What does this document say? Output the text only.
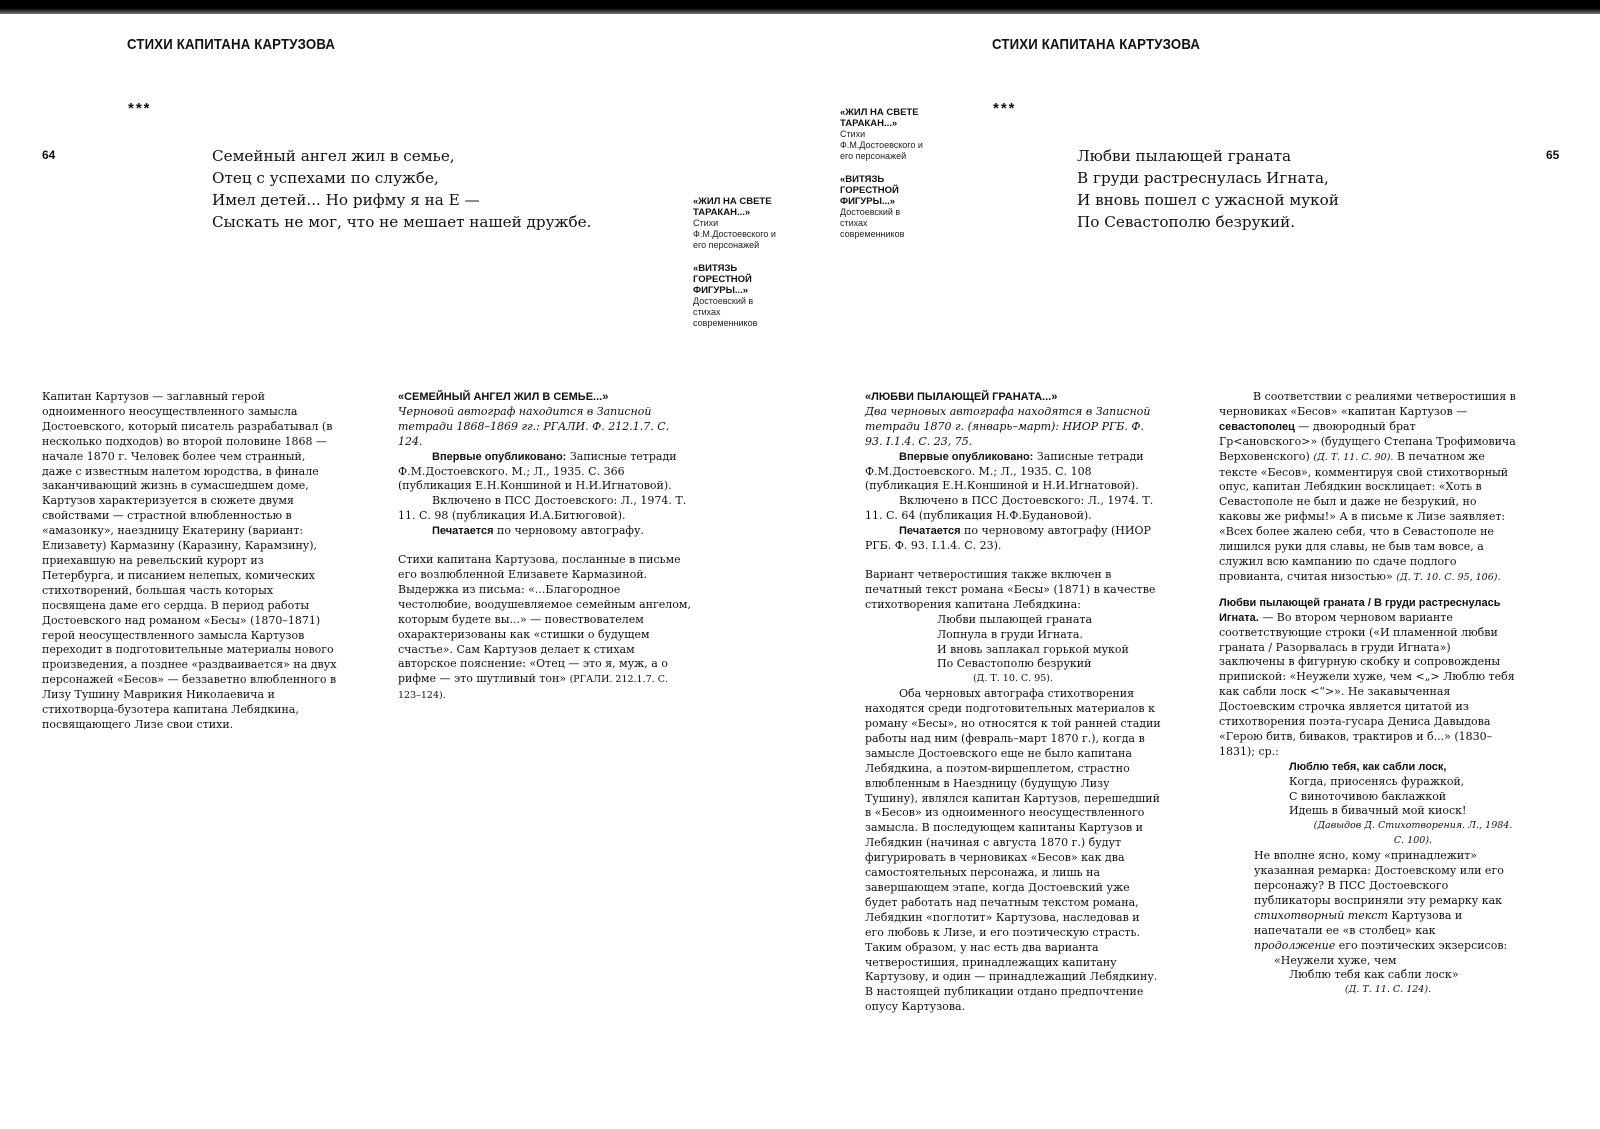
СТИХИ КАПИТАНА КАРТУЗОВА
***
64	Семейный ангел жил в семье,
Отец с успехами по службе,
Имел детей... Но рифму я на Е —
Сыскать не мог, что не мешает нашей дружбе.
«ЖИЛ НА СВЕТЕ ТАРАКАН...»
Стихи Ф.М.Достоевского и его персонажей
«ВИТЯЗЬ ГОРЕСТНОЙ ФИГУРЫ...»
Достоевский в стихах современников

Капитан Картузов — заглавный герой одноименного неосуществленного замысла Достоевского, который писатель разрабатывал (в несколько подходов) во второй половине 1868 — начале 1870 г. Человек более чем странный, даже с известным налетом юродства, в финале заканчивающий жизнь в сумасшедшем доме, Картузов характеризуется в сюжете двумя свойствами — страстной влюбленностью в «амазонку», наездницу Екатерину (вариант: Елизавету) Кармазину (Каразину, Карамзину), приехавшую на ревельский курорт из Петербурга, и писанием нелепых, комических стихотворений, большая часть которых посвящена даме его сердца. В период работы Достоевского над романом «Бесы» (1870–1871) герой неосуществленного замысла Картузов переходит в подготовительные материалы нового произведения, а позднее «раздваивается» на двух персонажей «Бесов» — беззаветно влюбленного в Лизу Тушину Маврикия Николаевича и стихотворца-бузотера капитана Лебядкина, посвящающего Лизе свои стихи.

«СЕМЕЙНЫЙ АНГЕЛ ЖИЛ В СЕМЬЕ...»

Черновой автограф находится в Записной тетради 1868–1869 гг.: РГАЛИ. Ф. 212.1.7. С. 124.

Впервые опубликовано: Записные тетради Ф.М.Достоевского. М.; Л., 1935. С. 366 (публикация Е.Н.Коншиной и Н.И.Игнатовой).

Включено в ПСС Достоевского: Л., 1974. Т. 11. С. 98 (публикация И.А.Битюговой).

Печатается по черновому автографу.

Стихи капитана Картузова, посланные в письме его возлюбленной Елизавете Кармазиной. Выдержка из письма: «...Благородное честолюбие, воодушевляемое семейным ангелом, которым будете вы...» — повествователем охарактеризованы как «стишки о будущем счастье». Сам Картузов делает к стихам авторское пояснение: «Отец — это я, муж, а о рифме — это шутливый тон» (РГАЛИ. 212.1.7. С. 123–124).

СТИХИ КАПИТАНА КАРТУЗОВА
***
65
Любви пылающей граната
В груди растреснулась Игната,
И вновь пошел с ужасной мукой
По Севастополю безрукий.
«ЖИЛ НА СВЕТЕ ТАРАКАН...»
Стихи Ф.М.Достоевского и его персонажей
«ВИТЯЗЬ ГОРЕСТНОЙ ФИГУРЫ...»
Достоевский в стихах современников

«ЛЮБВИ ПЫЛАЮЩЕЙ ГРАНАТА...»

Два черновых автографа находятся в Записной тетради 1870 г. (январь–март): НИОР РГБ. Ф. 93. I.1.4. С. 23, 75.

Впервые опубликовано: Записные тетради Ф.М.Достоевского. М.; Л., 1935. С. 108 (публикация Е.Н.Коншиной и Н.И.Игнатовой).

Включено в ПСС Достоевского: Л., 1974. Т. 11. С. 64 (публикация Н.Ф.Будановой).

Печатается по черновому автографу (НИОР РГБ. Ф. 93. I.1.4. С. 23).

Вариант четверостишия также включен в печатный текст романа «Бесы» (1871) в качестве стихотворения капитана Лебядкина:

Любви пылающей граната

Лопнула в груди Игната.

И вновь заплакал горькой мукой

По Севастополю безрукий

(Д. Т. 10. С. 95).

Оба черновых автографа стихотворения находятся среди подготовительных материалов к роману «Бесы», но относятся к той ранней стадии работы над ним (февраль–март 1870 г.), когда в замысле Достоевского еще не было капитана Лебядкина, а поэтом-виршеплетом, страстно влюбленным в Наездницу (будущую Лизу Тушину), являлся капитан Картузов, перешедший в «Бесов» из одноименного неосуществленного замысла. В последующем капитаны Картузов и Лебядкин (начиная с августа 1870 г.) будут фигурировать в черновиках «Бесов» как два самостоятельных персонажа, и лишь на завершающем этапе, когда Достоевский уже будет работать над печатным текстом романа, Лебядкин «поглотит» Картузова, наследовав и его любовь к Лизе, и его поэтическую страсть. Таким образом, у нас есть два варианта четверостишия, принадлежащих капитану Картузову, и один — принадлежащий Лебядкину. В настоящей публикации отдано предпочтение опусу Картузова.

В соответствии с реалиями четверостишия в черновиках «Бесов» «капитан Картузов — севастополец — двоюродный брат Гр<ановского>» (будущего Степана Трофимовича Верховенского) (Д. Т. 11. С. 90). В печатном же тексте «Бесов», комментируя свой стихотворный опус, капитан Лебядкин восклицает: «Хоть в Севастополе не был и даже не безрукий, но каковы же рифмы!» А в письме к Лизе заявляет: «Всех более жалею себя, что в Севастополе не лишился руки для славы, не быв там вовсе, а служил всю кампанию по сдаче подлого провианта, считая низостью» (Д. Т. 10. С. 95, 106).

Любви пылающей граната / В груди растреснулась Игната. — Во втором черновом варианте соответствующие строки («И пламенной любви граната / Разорвалась в груди Игната») заключены в фигурную скобку и сопровождены припиской: «Неужели хуже, чем <„> Люблю тебя как сабли лоск <“>». Не закавыченная Достоевским строчка является цитатой из стихотворения поэта-гусара Дениса Давыдова «Герою битв, биваков, трактиров и б...» (1830–1831); ср.:

Люблю тебя, как сабли лоск,

Когда, приосенясь фуражкой,

С виноточивою баклажкой

Идешь в бивачный мой киоск!

(Давыдов Д. Стихотворения. Л., 1984. С. 100).

Не вполне ясно, кому «принадлежит» указанная ремарка: Достоевскому или его персонажу? В ПСС Достоевского публикаторы восприняли эту ремарку как стихотворный текст Картузова и напечатали ее «в столбец» как продолжение его поэтических экзерсисов:

«Неужели хуже, чем

Люблю тебя как сабли лоск»

(Д. Т. 11. С. 124).
